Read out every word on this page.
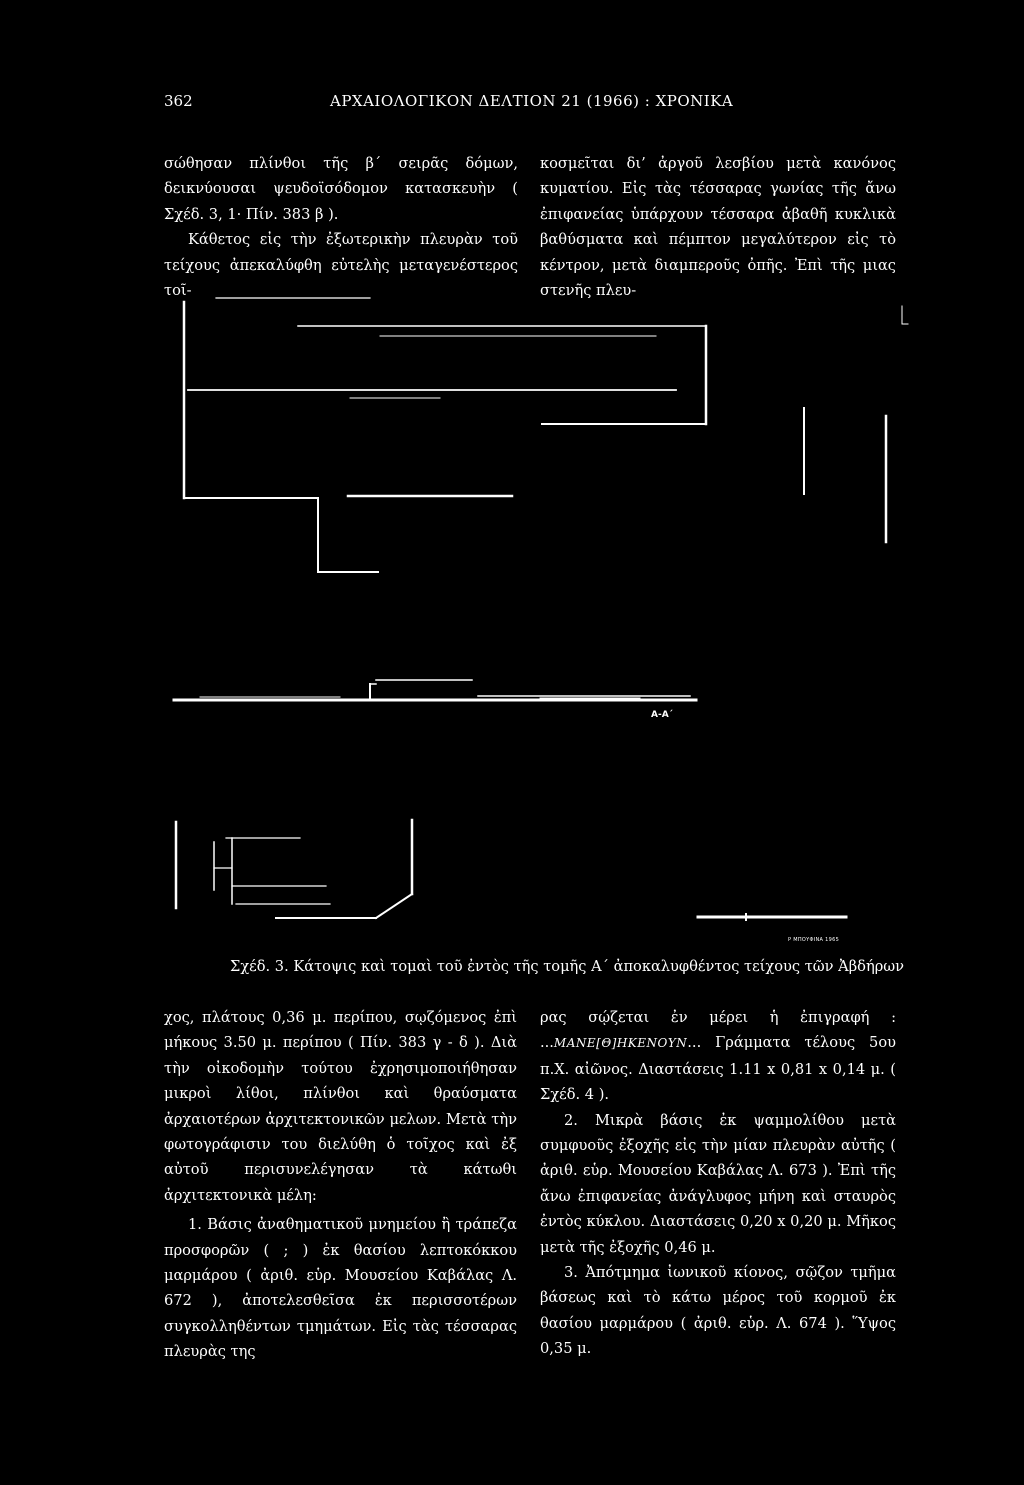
362	ΑΡΧΑΙΟΛΟΓΙΚΟΝ ΔΕΛΤΙΟΝ 21 (1966) : ΧΡΟΝΙΚΑ

σώθησαν πλίνθοι τῆς β΄ σειρᾶς δόμων, δεικνύουσαι ψευδοϊσόδομον κατασκευὴν ( Σχέδ. 3, 1· Πίν. 383 β ).

Κάθετος εἰς τὴν ἐξωτερικὴν πλευρὰν τοῦ τείχους ἀπεκαλύφθη εὐτελὴς μεταγενέστερος τοῖ-

κοσμεῖται δι’ ἀργοῦ λεσβίου μετὰ κανόνος κυματίου. Εἰς τὰς τέσσαρας γωνίας τῆς ἄνω ἐπιφανείας ὑπάρχουν τέσσαρα ἀβαθῆ κυκλικὰ βαθύσματα καὶ πέμπτον μεγαλύτερον εἰς τὸ κέντρον, μετὰ διαμπεροῦς ὀπῆς. Ἐπὶ τῆς μιας στενῆς πλευ-

Α-Α΄
Ρ ΜΠΟΥΦΙΝΑ 1965
Σχέδ. 3. Κάτοψις καὶ τομαὶ τοῦ ἐντὸς τῆς τομῆς Α΄ ἀποκαλυφθέντος τείχους τῶν Ἀβδήρων

χος, πλάτους 0,36 μ. περίπου, σῳζόμενος ἐπὶ μήκους 3.50 μ. περίπου ( Πίν. 383 γ - δ ). Διὰ τὴν οἰκοδομὴν τούτου ἐχρησιμοποιήθησαν μικροὶ λίθοι, πλίνθοι καὶ θραύσματα ἀρχαιοτέρων ἀρχιτεκτονικῶν μελων. Μετὰ τὴν φωτογράφισιν του διελύθη ὁ τοῖχος καὶ ἐξ αὐτοῦ περισυνελέγησαν τὰ κάτωθι ἀρχιτεκτονικὰ μέλη:

1. Βάσις ἀναθηματικοῦ μνημείου ἢ τράπεζα προσφορῶν ( ; ) ἐκ θασίου λεπτοκόκκου μαρμάρου ( ἀριθ. εὑρ. Μουσείου Καβάλας Λ. 672 ), ἀποτελεσθεῖσα ἐκ περισσοτέρων συγκολληθέντων τμημάτων. Εἰς τὰς τέσσαρας πλευρὰς της

ρας σῴζεται ἐν μέρει ἡ ἐπιγραφή : ...ΜΑΝΕ[Θ]ΗΚΕΝΟΥΝ... Γράμματα τέλους 5ου π.Χ. αἰῶνος. Διαστάσεις 1.11 x 0,81 x 0,14 μ. ( Σχέδ. 4 ).

2. Μικρὰ βάσις ἐκ ψαμμολίθου μετὰ συμφυοῦς ἐξοχῆς εἰς τὴν μίαν πλευρὰν αὐτῆς ( ἀριθ. εὑρ. Μουσείου Καβάλας Λ. 673 ). Ἐπὶ τῆς ἄνω ἐπιφανείας ἀνάγλυφος μήνη καὶ σταυρὸς ἐντὸς κύκλου. Διαστάσεις 0,20 x 0,20 μ. Μῆκος μετὰ τῆς ἐξοχῆς 0,46 μ.

3. Ἀπότμημα ἰωνικοῦ κίονος, σῷζον τμῆμα βάσεως καὶ τὸ κάτω μέρος τοῦ κορμοῦ ἐκ θασίου μαρμάρου ( ἀριθ. εὑρ. Λ. 674 ). Ὕψος 0,35 μ.
